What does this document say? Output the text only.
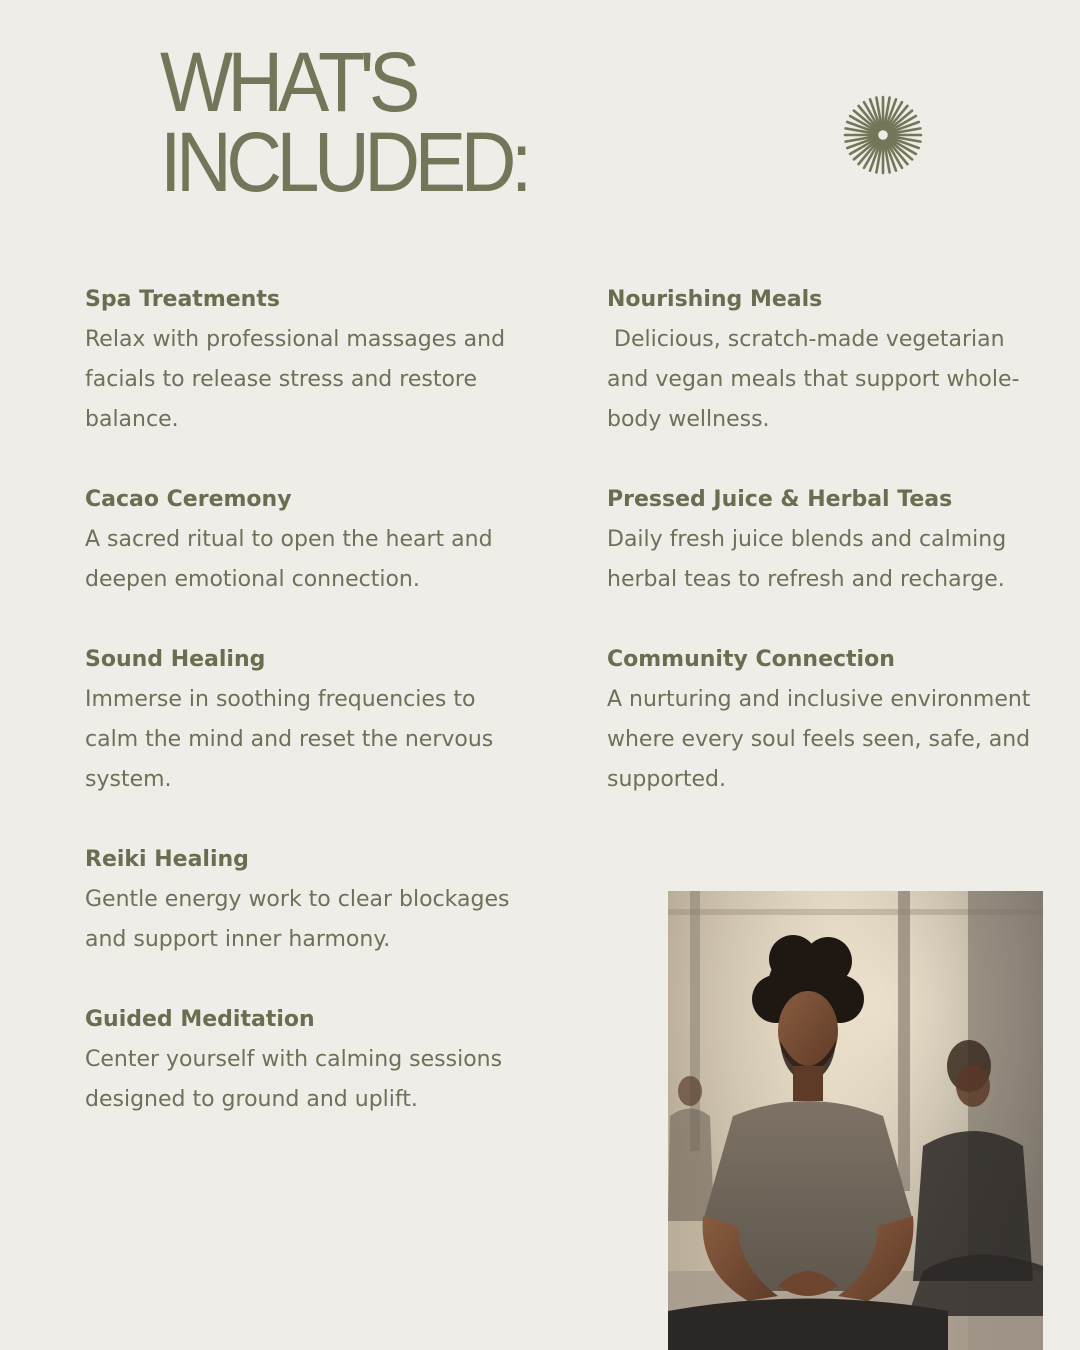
WHAT'S
INCLUDED:
Spa Treatments
Relax with professional massages and facials to release stress and restore balance.
Cacao Ceremony
A sacred ritual to open the heart and deepen emotional connection.
Sound Healing
Immerse in soothing frequencies to calm the mind and reset the nervous system.
Reiki Healing
Gentle energy work to clear blockages and support inner harmony.
Guided Meditation
Center yourself with calming sessions designed to ground and uplift.
Nourishing Meals
Delicious, scratch-made vegetarian and vegan meals that support whole-body wellness.
Pressed Juice & Herbal Teas
Daily fresh juice blends and calming herbal teas to refresh and recharge.
Community Connection
A nurturing and inclusive environment where every soul feels seen, safe, and supported.
